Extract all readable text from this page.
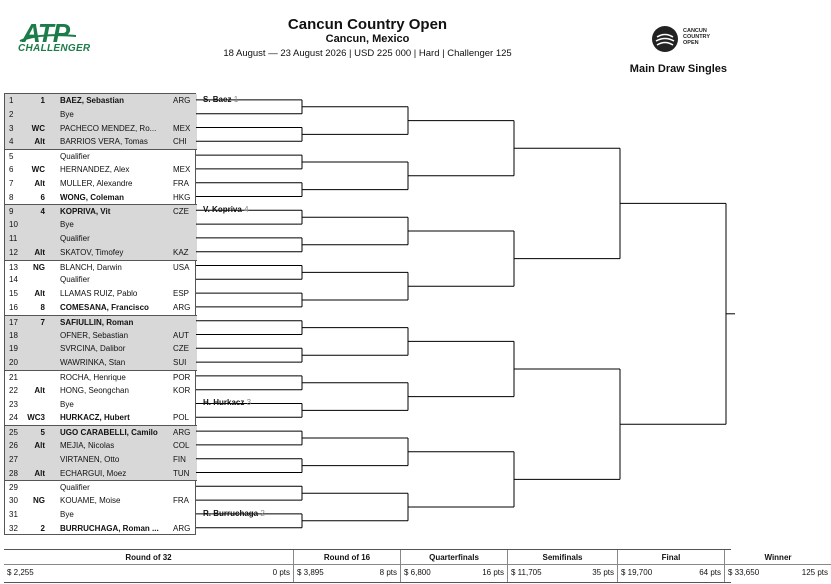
ATP
CHALLENGER
Cancun Country Open
Cancun, Mexico
18 August — 23 August 2026 | USD 225 000 | Hard | Challenger 125
CANCUN COUNTRY OPEN
Main Draw Singles
1	1 BAEZ, Sebastian	ARG
2	Bye
3	WC PACHECO MENDEZ, Ro...	MEX
4	Alt BARRIOS VERA, Tomas	CHI
5	Qualifier
6	WC HERNANDEZ, Alex	MEX
7	Alt MULLER, Alexandre	FRA
8	6 WONG, Coleman	HKG
9	4 KOPRIVA, Vit	CZE
10	Bye
11	Qualifier
12	Alt SKATOV, Timofey	KAZ
13	NG BLANCH, Darwin	USA
14	Qualifier
15	Alt LLAMAS RUIZ, Pablo	ESP
16	8 COMESANA, Francisco	ARG
17	7 SAFIULLIN, Roman
18	OFNER, Sebastian	AUT
19	SVRCINA, Dalibor	CZE
20	WAWRINKA, Stan	SUI
21	ROCHA, Henrique	POR
22	Alt HONG, Seongchan	KOR
23	Bye
24	WC3 HURKACZ, Hubert	POL
25	5 UGO CARABELLI, Camilo	ARG
26	Alt MEJIA, Nicolas	COL
27	VIRTANEN, Otto	FIN
28	Alt ECHARGUI, Moez	TUN
29	Qualifier
30	NG KOUAME, Moise	FRA
31	Bye
32	2 BURRUCHAGA, Roman ...	ARG
S. Baez 1
V. Kopriva 4
H. Hurkacz 3
R. Burruchaga 2
Round of 32
$ 2,255	0 pts
Round of 16
$ 3,895	8 pts
Quarterfinals
$ 6,800	16 pts
Semifinals
$ 11,705	35 pts
Final
$ 19,700	64 pts
Winner
$ 33,650	125 pts
